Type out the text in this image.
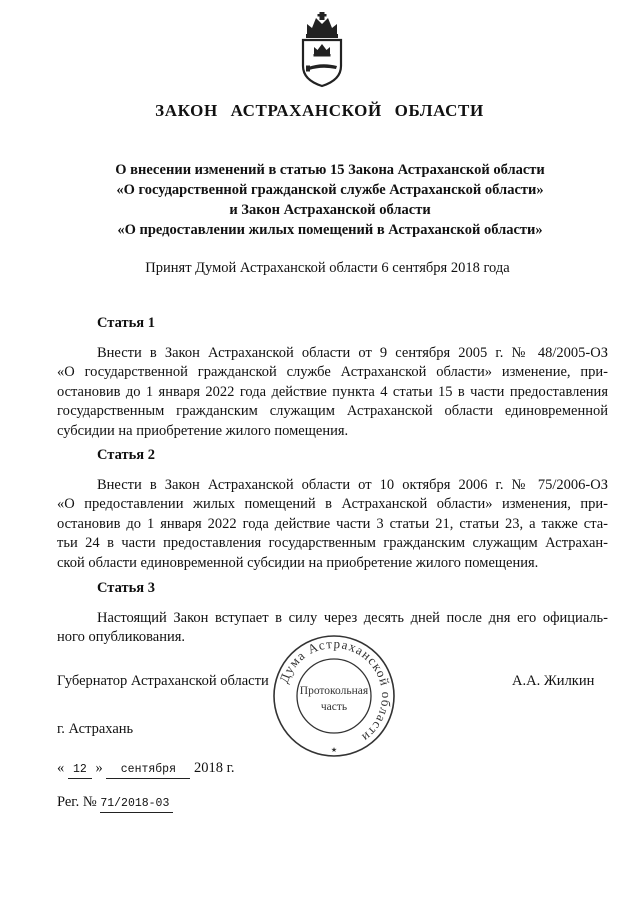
ЗАКОН АСТРАХАНСКОЙ ОБЛАСТИ
О внесении изменений в статью 15 Закона Астраханской области
«О государственной гражданской службе Астраханской области»
и Закон Астраханской области
«О предоставлении жилых помещений в Астраханской области»
Принят Думой Астраханской области 6 сентября 2018 года
Статья 1
Внести в Закон Астраханской области от 9 сентября 2005 г. № 48/2005-ОЗ
«О государственной гражданской службе Астраханской области» изменение, при-
остановив до 1 января 2022 года действие пункта 4 статьи 15 в части предоставления
государственным гражданским служащим Астраханской области единовременной
субсидии на приобретение жилого помещения.
Статья 2
Внести в Закон Астраханской области от 10 октября 2006 г. № 75/2006-ОЗ
«О предоставлении жилых помещений в Астраханской области» изменения, при-
остановив до 1 января 2022 года действие части 3 статьи 21, статьи 23, а также ста-
тьи 24 в части предоставления государственным гражданским служащим Астрахан-
ской области единовременной субсидии на приобретение жилого помещения.
Статья 3
Настоящий Закон вступает в силу через десять дней после дня его официаль-
ного опубликования.
Дума Астраханской области
Протокольная
часть
★
Губернатор Астраханской области	А.А. Жилкин
г. Астрахань
« 12 » сентября 2018 г.
Рег. № 71/2018-03
